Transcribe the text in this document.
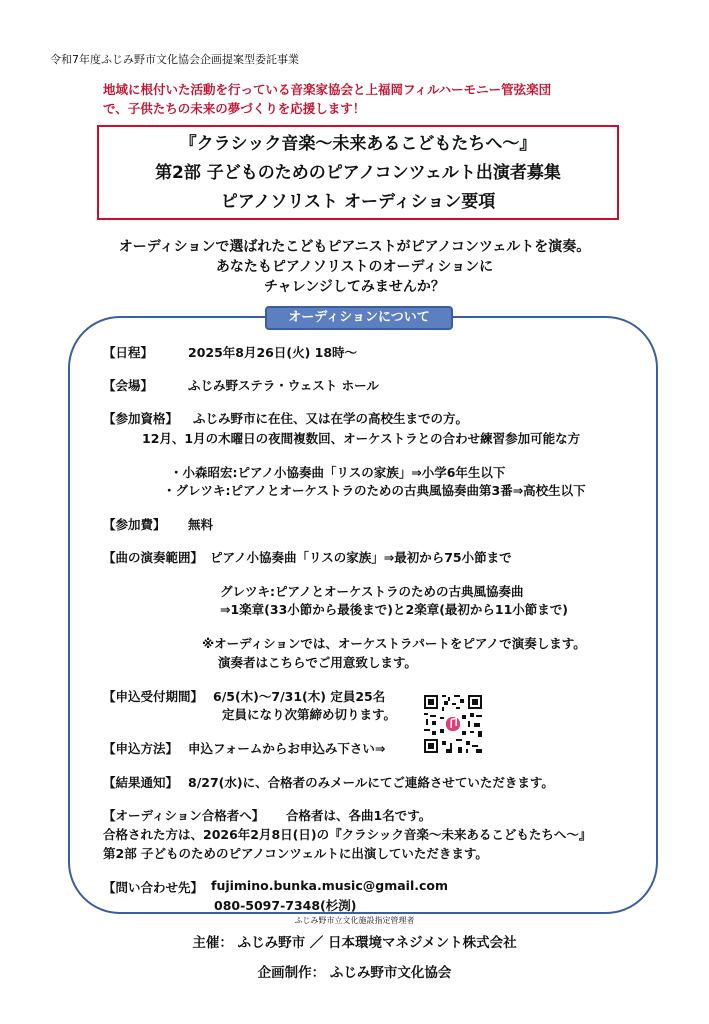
令和7年度ふじみ野市文化協会企画提案型委託事業
地域に根付いた活動を行っている音楽家協会と上福岡フィルハーモニー管弦楽団
で、子供たちの未来の夢づくりを応援します！
『クラシック音楽～未来あるこどもたちへ～』
第2部 子どものためのピアノコンツェルト出演者募集
ピアノソリスト オーディション要項
オーディションで選ばれたこどもピアニストがピアノコンツェルトを演奏。
あなたもピアノソリストのオーディションに
チャレンジしてみませんか？
オーディションについて
【日程】	2025年8月26日(火) 18時～
【会場】	ふじみ野ステラ・ウェスト ホール
【参加資格】 ふじみ野市に在住、又は在学の高校生までの方。
12月、1月の木曜日の夜間複数回、オーケストラとの合わせ練習参加可能な方
・小森昭宏:ピアノ小協奏曲「リスの家族」⇒小学6年生以下
・グレツキ:ピアノとオーケストラのための古典風協奏曲第3番⇒高校生以下
【参加費】 無料
【曲の演奏範囲】 ピアノ小協奏曲「リスの家族」⇒最初から75小節まで
グレツキ:ピアノとオーケストラのための古典風協奏曲
⇒1楽章(33小節から最後まで)と2楽章(最初から11小節まで)
※オーディションでは、オーケストラパートをピアノで演奏します。
演奏者はこちらでご用意致します。
【申込受付期間】 6/5(木)～7/31(木) 定員25名
定員になり次第締め切ります。
【申込方法】 申込フォームからお申込み下さい⇒
【結果通知】 8/27(水)に、合格者のみメールにてご連絡させていただきます。
【オーディション合格者へ】 合格者は、各曲1名です。
合格された方は、2026年2月8日(日)の『クラシック音楽～未来あるこどもたちへ～』
第2部 子どものためのピアノコンツェルトに出演していただきます。
【問い合わせ先】 fujimino.bunka.music@gmail.com
080-5097-7348(杉渕)
ふじみ野市立文化施設指定管理者
主催： ふじみ野市 ／ 日本環境マネジメント株式会社
企画制作： ふじみ野市文化協会
